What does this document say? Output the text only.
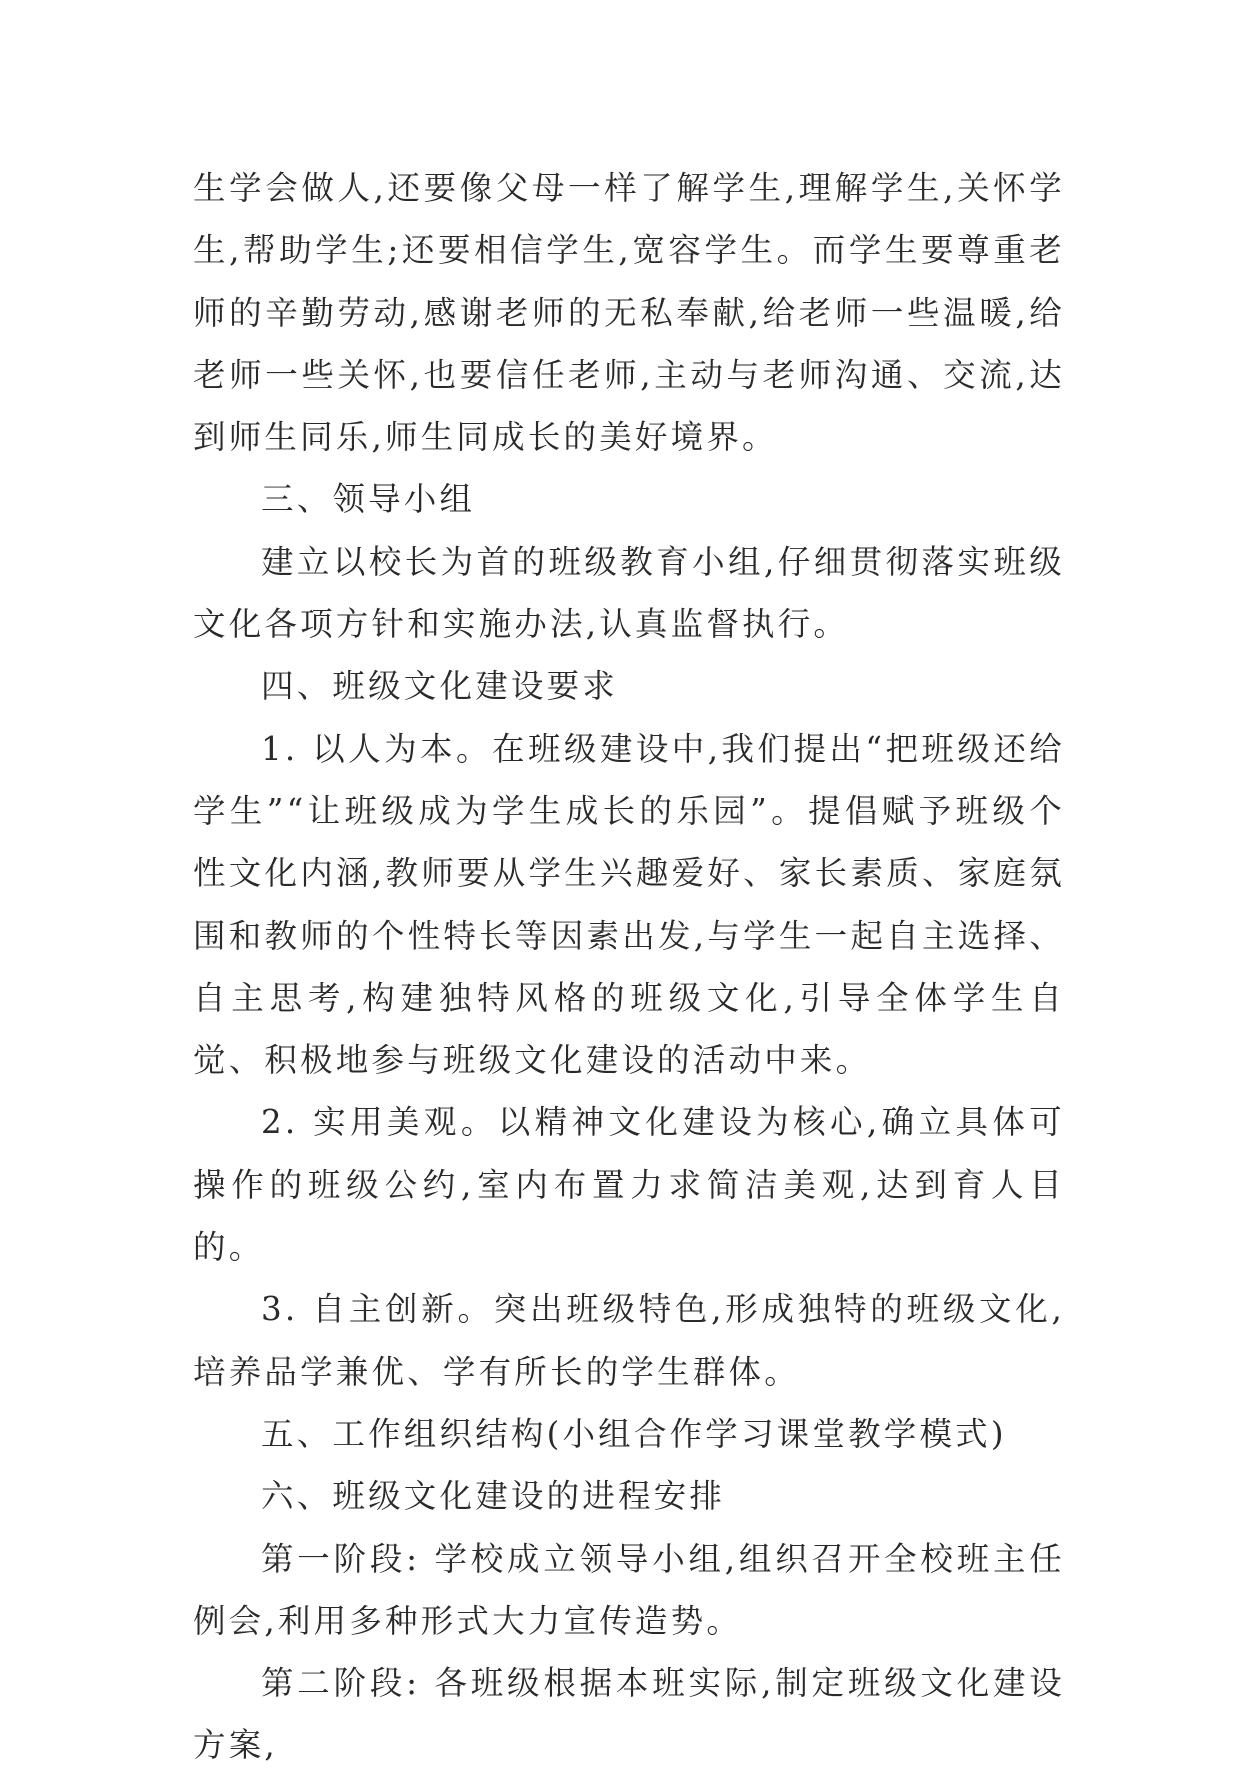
生学会做人,还要像父母一样了解学生,理解学生,关怀学生,帮助学生;还要相信学生,宽容学生。而学生要尊重老师的辛勤劳动,感谢老师的无私奉献,给老师一些温暖,给老师一些关怀,也要信任老师,主动与老师沟通、交流,达到师生同乐,师生同成长的美好境界。

三、领导小组

建立以校长为首的班级教育小组,仔细贯彻落实班级文化各项方针和实施办法,认真监督执行。

四、班级文化建设要求

1. 以人为本。在班级建设中,我们提出“把班级还给学生”“让班级成为学生成长的乐园”。提倡赋予班级个性文化内涵,教师要从学生兴趣爱好、家长素质、家庭氛围和教师的个性特长等因素出发,与学生一起自主选择、自主思考,构建独特风格的班级文化,引导全体学生自觉、积极地参与班级文化建设的活动中来。

2. 实用美观。以精神文化建设为核心,确立具体可操作的班级公约,室内布置力求简洁美观,达到育人目的。

3. 自主创新。突出班级特色,形成独特的班级文化,培养品学兼优、学有所长的学生群体。

五、工作组织结构(小组合作学习课堂教学模式)

六、班级文化建设的进程安排

第一阶段: 学校成立领导小组,组织召开全校班主任例会,利用多种形式大力宣传造势。

第二阶段: 各班级根据本班实际,制定班级文化建设方案,
